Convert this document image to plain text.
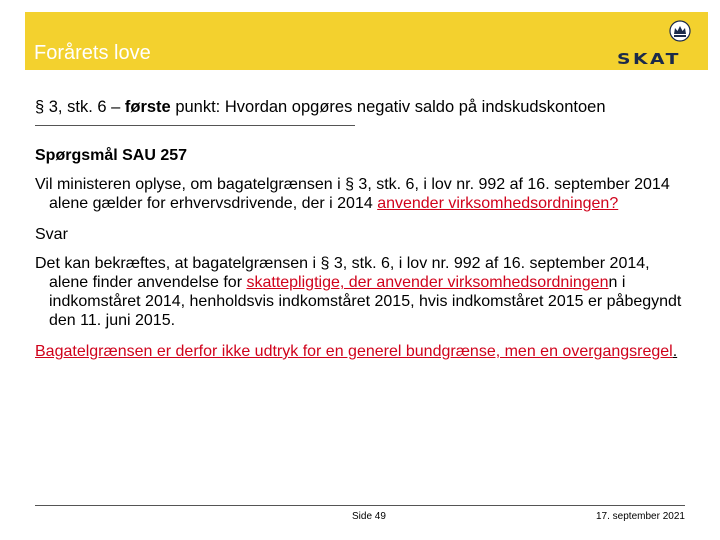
Forårets love	SKAT
§ 3, stk. 6 – første punkt: Hvordan opgøres negativ saldo på indskudskontoen

Spørgsmål SAU 257

Vil ministeren oplyse, om bagatelgrænsen i § 3, stk. 6, i lov nr. 992 af 16. september 2014 alene gælder for erhvervsdrivende, der i 2014 anvender virksomhedsordningen?

Svar

Det kan bekræftes, at bagatelgrænsen i § 3, stk. 6, i lov nr. 992 af 16. september 2014, alene finder anvendelse for skattepligtige, der anvender virksomhedsordningenn i indkomståret 2014, henholdsvis indkomståret 2015, hvis indkomståret 2015 er påbegyndt den 11. juni 2015.

Bagatelgrænsen er derfor ikke udtryk for en generel bundgrænse, men en overgangsregel.

Side 49	17. september 2021
